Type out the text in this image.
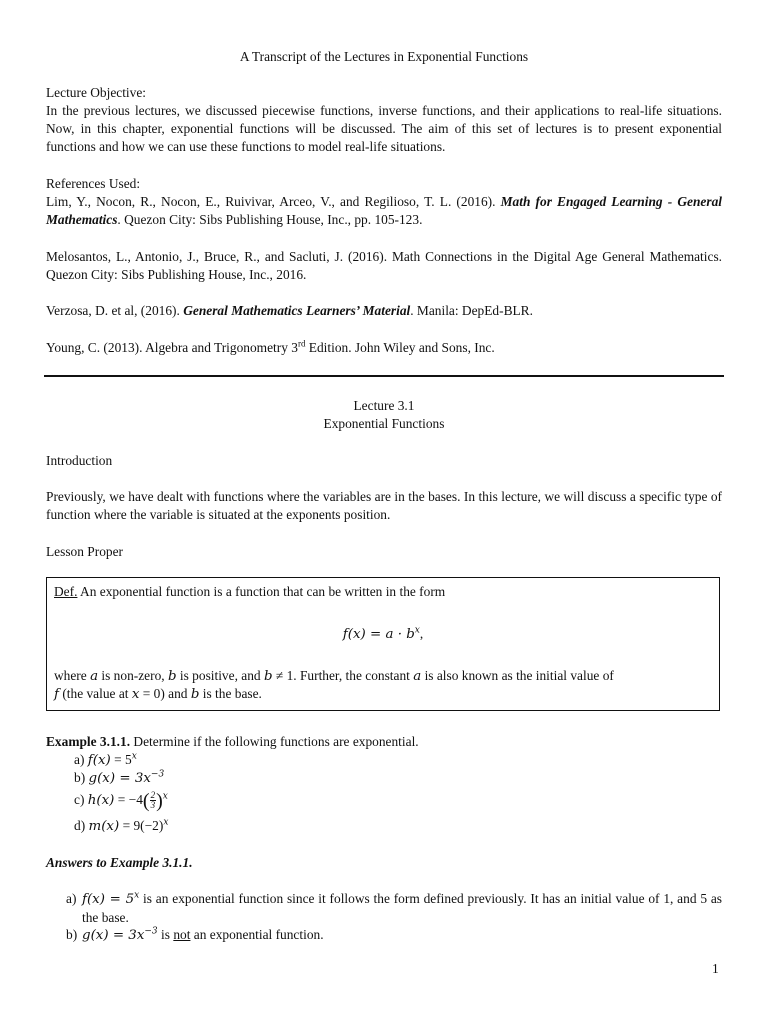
A Transcript of the Lectures in Exponential Functions
Lecture Objective:
In the previous lectures, we discussed piecewise functions, inverse functions, and their applications to real-life situations. Now, in this chapter, exponential functions will be discussed. The aim of this set of lectures is to present exponential functions and how we can use these functions to model real-life situations.
References Used:
Lim, Y., Nocon, R., Nocon, E., Ruivivar, Arceo, V., and Regilioso, T. L. (2016). Math for Engaged Learning - General Mathematics. Quezon City: Sibs Publishing House, Inc., pp. 105-123.
Melosantos, L., Antonio, J., Bruce, R., and Sacluti, J. (2016). Math Connections in the Digital Age General Mathematics. Quezon City: Sibs Publishing House, Inc., 2016.
Verzosa, D. et al, (2016). General Mathematics Learners’ Material. Manila: DepEd-BLR.
Young, C. (2013). Algebra and Trigonometry 3rd Edition. John Wiley and Sons, Inc.
Lecture 3.1
Exponential Functions
Introduction
Previously, we have dealt with functions where the variables are in the bases. In this lecture, we will discuss a specific type of function where the variable is situated at the exponents position.
Lesson Proper
Def. An exponential function is a function that can be written in the form
$f(x) = a \cdot b^x$,
where a is non-zero, b is positive, and b ≠ 1. Further, the constant a is also known as the initial value of
f (the value at x = 0) and b is the base.
Example 3.1.1. Determine if the following functions are exponential.
a) $f(x) = 5^x$
b) $g(x) = 3x^{-3}$
c) $h(x) = -4( \frac{2}{3} )^x$
d) $m(x) = 9(-2)^x$
Answers to Example 3.1.1.
a) $f(x) = 5^x$ is an exponential function since it follows the form defined previously. It has an initial value of 1, and 5 as the base.
b) $g(x) = 3x^{-3}$ is not an exponential function.
1
